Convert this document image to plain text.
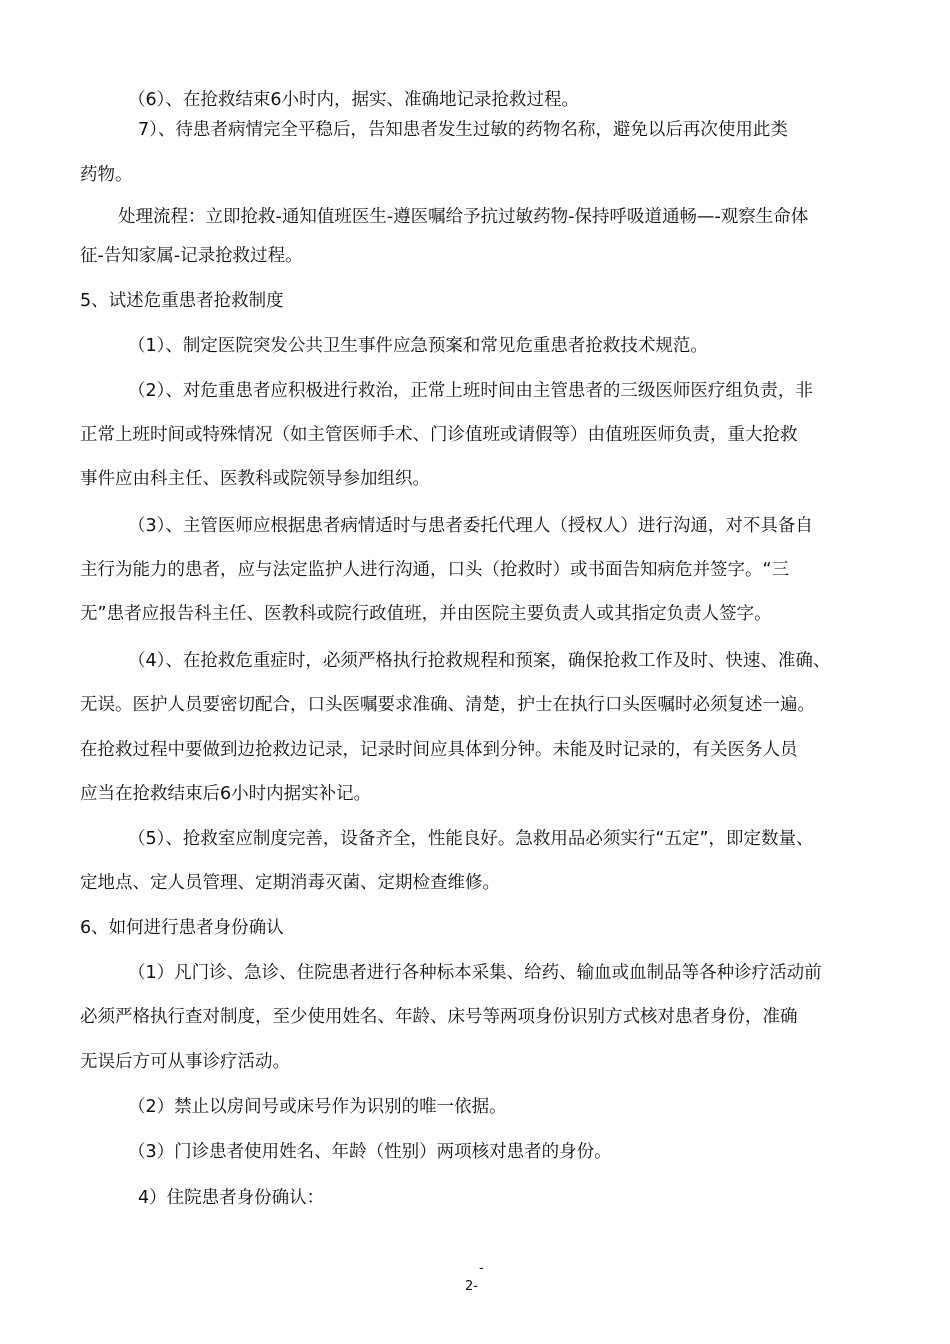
（6）、在抢救结束6小时内，据实、准确地记录抢救过程。
7）、待患者病情完全平稳后，告知患者发生过敏的药物名称，避免以后再次使用此类
药物。
处理流程：立即抢救-通知值班医生-遵医嘱给予抗过敏药物-保持呼吸道通畅—-观察生命体
征-告知家属-记录抢救过程。
5、试述危重患者抢救制度
（1）、制定医院突发公共卫生事件应急预案和常见危重患者抢救技术规范。
（2）、对危重患者应积极进行救治，正常上班时间由主管患者的三级医师医疗组负责，非
正常上班时间或特殊情况（如主管医师手术、门诊值班或请假等）由值班医师负责，重大抢救
事件应由科主任、医教科或院领导参加组织。
（3）、主管医师应根据患者病情适时与患者委托代理人（授权人）进行沟通，对不具备自
主行为能力的患者，应与法定监护人进行沟通，口头（抢救时）或书面告知病危并签字。“三
无”患者应报告科主任、医教科或院行政值班，并由医院主要负责人或其指定负责人签字。
（4）、在抢救危重症时，必须严格执行抢救规程和预案，确保抢救工作及时、快速、准确、
无误。医护人员要密切配合，口头医嘱要求准确、清楚，护士在执行口头医嘱时必须复述一遍。
在抢救过程中要做到边抢救边记录，记录时间应具体到分钟。未能及时记录的，有关医务人员
应当在抢救结束后6小时内据实补记。
（5）、抢救室应制度完善，设备齐全，性能良好。急救用品必须实行“五定”，即定数量、
定地点、定人员管理、定期消毒灭菌、定期检查维修。
6、如何进行患者身份确认
（1）凡门诊、急诊、住院患者进行各种标本采集、给药、输血或血制品等各种诊疗活动前
必须严格执行查对制度，至少使用姓名、年龄、床号等两项身份识别方式核对患者身份，准确
无误后方可从事诊疗活动。
（2）禁止以房间号或床号作为识别的唯一依据。
（3）门诊患者使用姓名、年龄（性别）两项核对患者的身份。
4）住院患者身份确认：
-
2-
